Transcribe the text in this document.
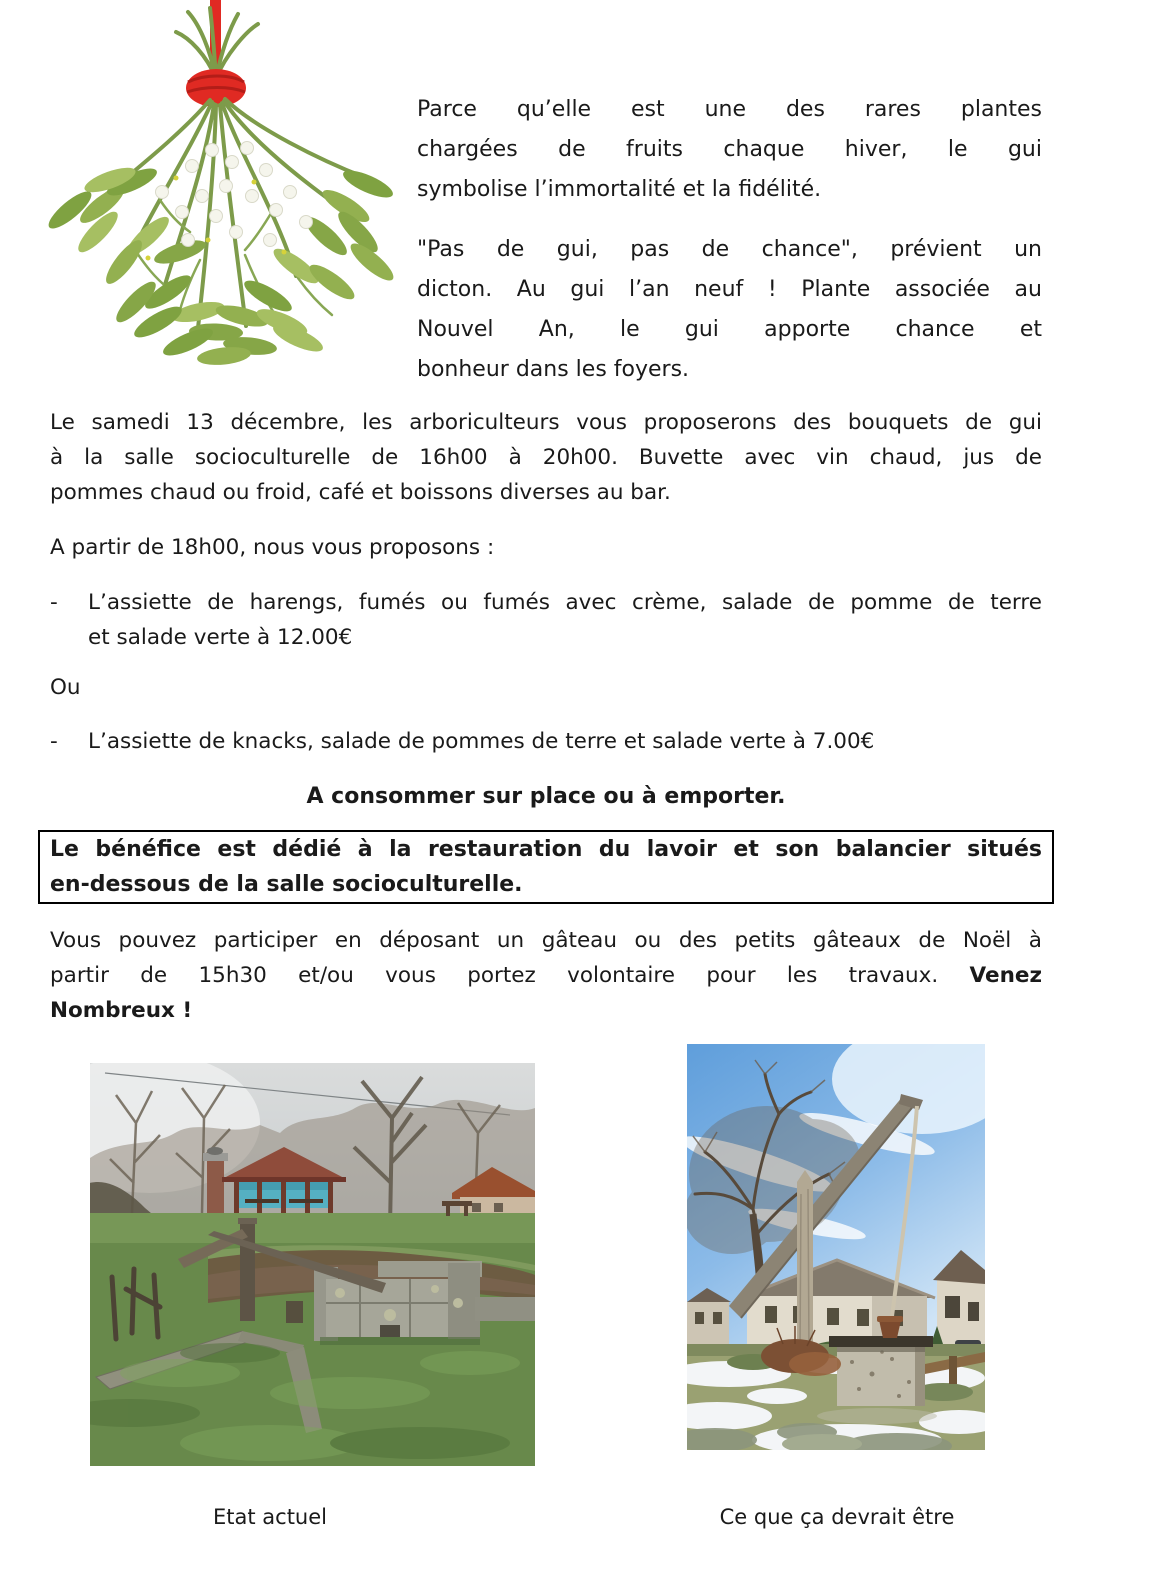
Parce qu’elle est une des rares plantes
chargées de fruits chaque hiver, le gui
symbolise l’immortalité et la fidélité.
"Pas de gui, pas de chance", prévient un
dicton. Au gui l’an neuf ! Plante associée au
Nouvel An, le gui apporte chance et
bonheur dans les foyers.
Le samedi 13 décembre, les arboriculteurs vous proposerons des bouquets de gui
à la salle socioculturelle de 16h00 à 20h00. Buvette avec vin chaud, jus de
pommes chaud ou froid, café et boissons diverses au bar.
A partir de 18h00, nous vous proposons :
-	L’assiette de harengs, fumés ou fumés avec crème, salade de pomme de terre
et salade verte à 12.00€
Ou
-	L’assiette de knacks, salade de pommes de terre et salade verte à 7.00€
A consommer sur place ou à emporter.
Le bénéfice est dédié à la restauration du lavoir et son balancier situés
en-dessous de la salle socioculturelle.
Vous pouvez participer en déposant un gâteau ou des petits gâteaux de Noël à
partir de 15h30 et/ou vous portez volontaire pour les travaux. Venez
Nombreux !
Etat actuel	Ce que ça devrait être
